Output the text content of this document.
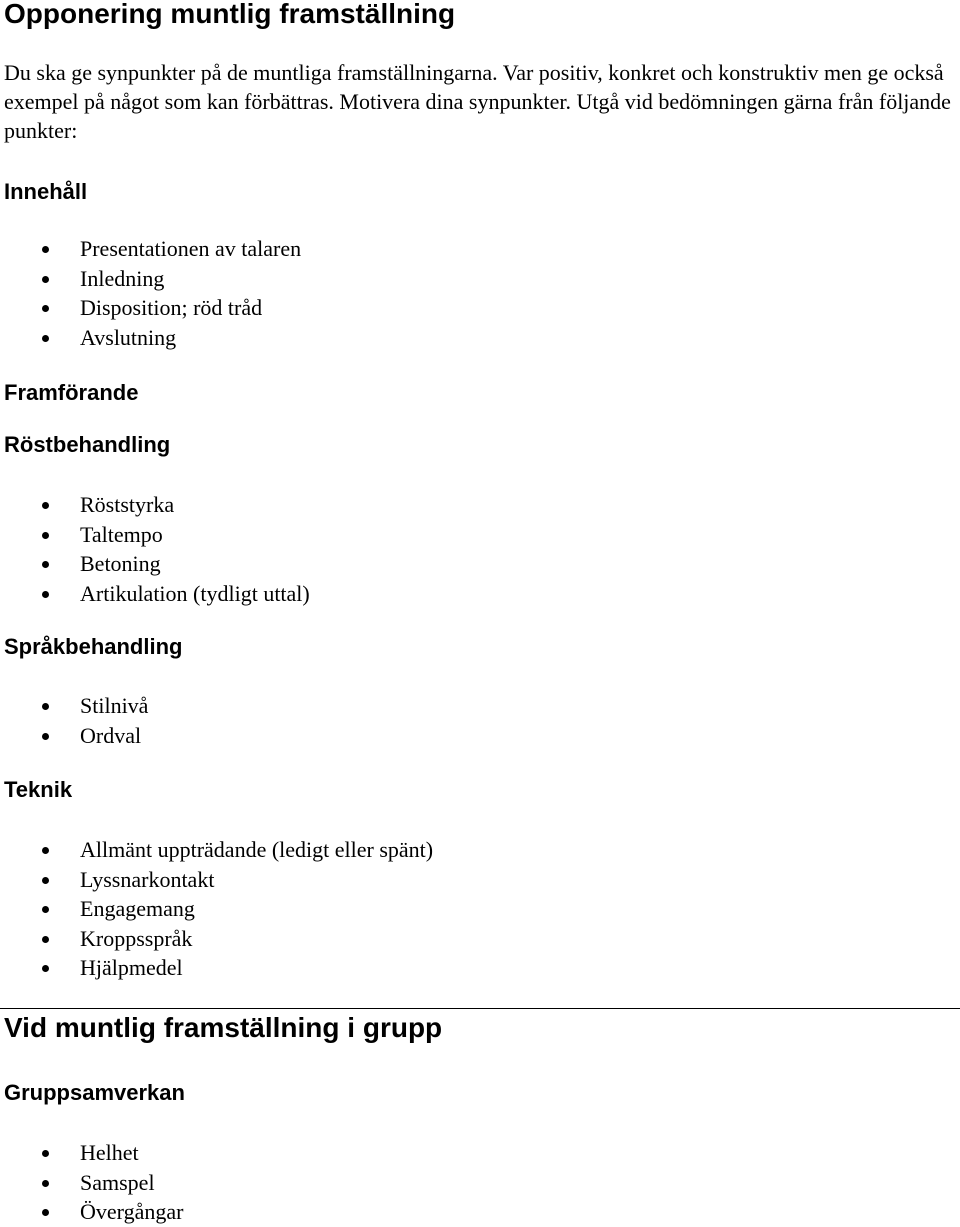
Opponering muntlig framställning

Du ska ge synpunkter på de muntliga framställningarna. Var positiv, konkret och konstruktiv men ge också exempel på något som kan förbättras. Motivera dina synpunkter. Utgå vid bedömningen gärna från följande punkter:

Innehåll
Presentationen av talaren
Inledning
Disposition; röd tråd
Avslutning
Framförande
Röstbehandling
Röststyrka
Taltempo
Betoning
Artikulation (tydligt uttal)
Språkbehandling
Stilnivå
Ordval
Teknik
Allmänt uppträdande (ledigt eller spänt)
Lyssnarkontakt
Engagemang
Kroppsspråk
Hjälpmedel
Vid muntlig framställning i grupp
Gruppsamverkan
Helhet
Samspel
Övergångar
